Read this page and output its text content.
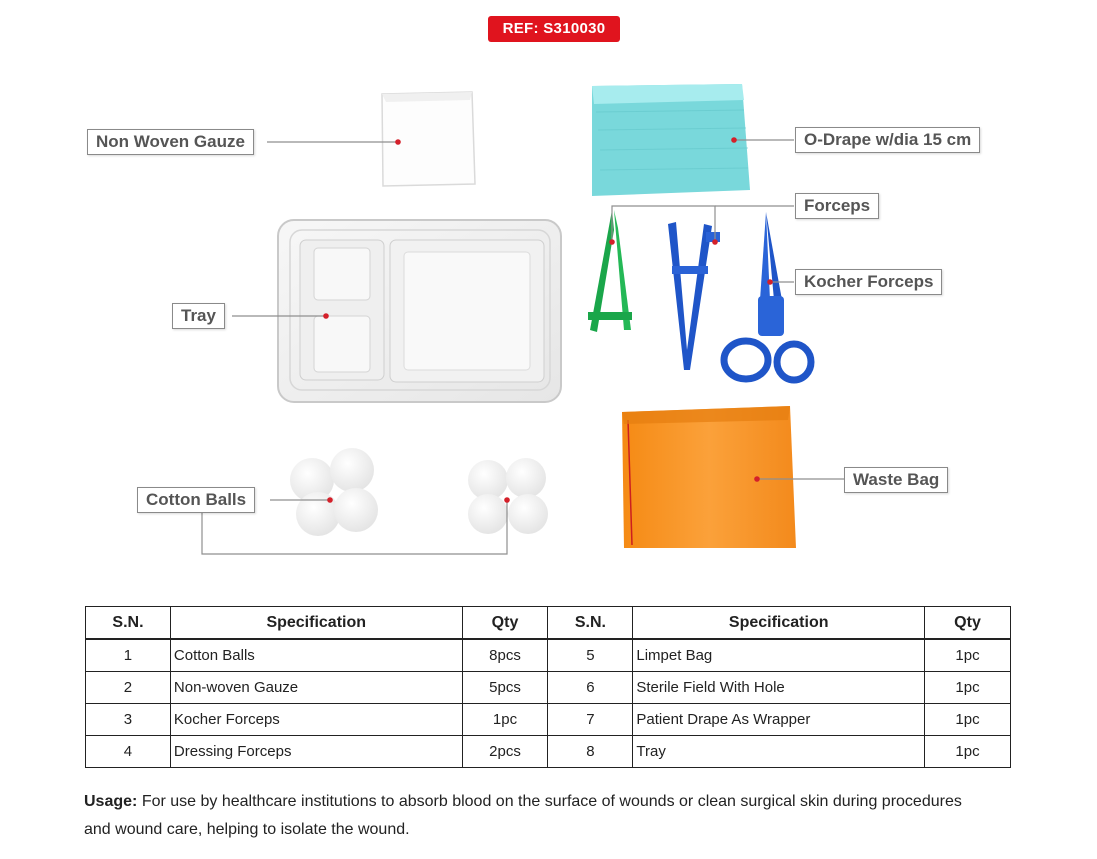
REF: S310030
Non Woven Gauze	O-Drape w/dia 15 cm
Forceps
Kocher Forceps
Tray
Waste Bag
Cotton Balls
S.N.	Specification	Qty	S.N.	Specification	Qty
1	Cotton Balls	8pcs	5	Limpet Bag	1pc
2	Non-woven Gauze	5pcs	6	Sterile Field With Hole	1pc
3	Kocher Forceps	1pc	7	Patient Drape As Wrapper	1pc
4	Dressing Forceps	2pcs	8	Tray	1pc
Usage: For use by healthcare institutions to absorb blood on the surface of wounds or clean surgical skin during procedures and wound care, helping to isolate the wound.
